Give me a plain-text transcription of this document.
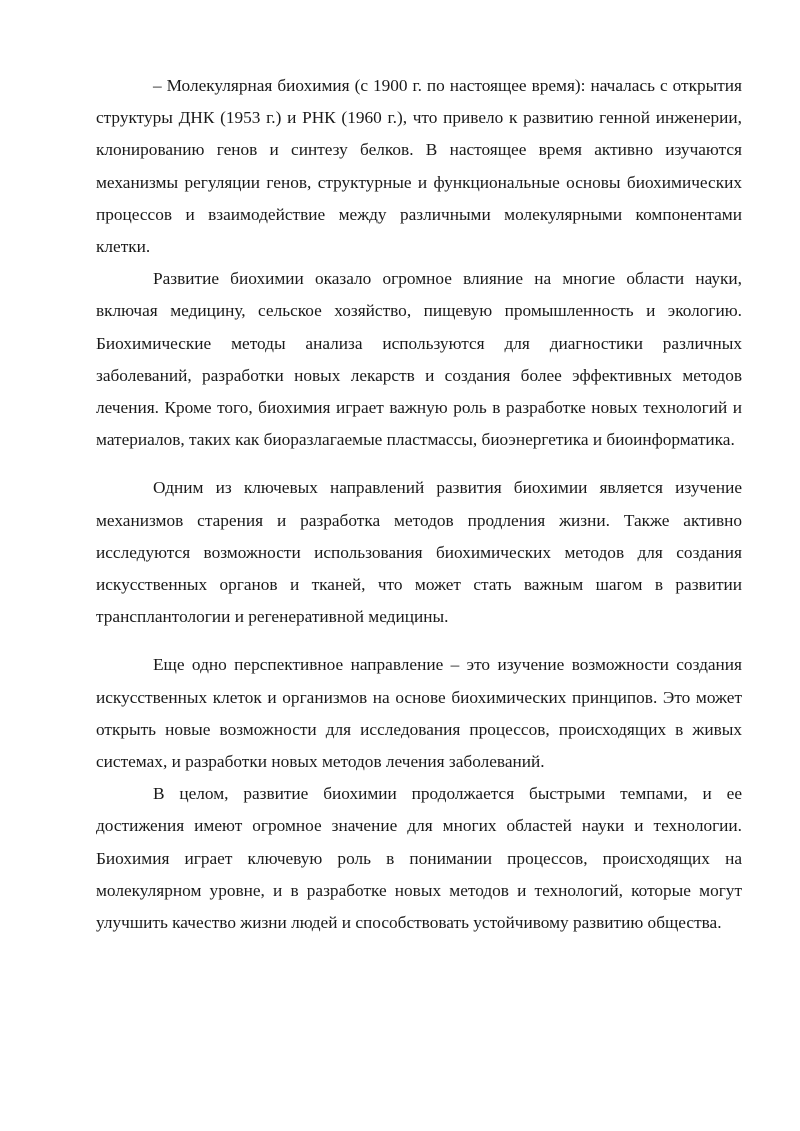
– Молекулярная биохимия (с 1900 г. по настоящее время): началась с открытия структуры ДНК (1953 г.) и РНК (1960 г.), что привело к развитию генной инженерии, клонированию генов и синтезу белков. В настоящее время активно изучаются механизмы регуляции генов, структурные и функциональные основы биохимических процессов и взаимодействие между различными молекулярными компонентами клетки.

Развитие биохимии оказало огромное влияние на многие области науки, включая медицину, сельское хозяйство, пищевую промышленность и экологию. Биохимические методы анализа используются для диагностики различных заболеваний, разработки новых лекарств и создания более эффективных методов лечения. Кроме того, биохимия играет важную роль в разработке новых технологий и материалов, таких как биоразлагаемые пластмассы, биоэнергетика и биоинформатика.

Одним из ключевых направлений развития биохимии является изучение механизмов старения и разработка методов продления жизни. Также активно исследуются возможности использования биохимических методов для создания искусственных органов и тканей, что может стать важным шагом в развитии трансплантологии и регенеративной медицины.

Еще одно перспективное направление – это изучение возможности создания искусственных клеток и организмов на основе биохимических принципов. Это может открыть новые возможности для исследования процессов, происходящих в живых системах, и разработки новых методов лечения заболеваний.

В целом, развитие биохимии продолжается быстрыми темпами, и ее достижения имеют огромное значение для многих областей науки и технологии. Биохимия играет ключевую роль в понимании процессов, происходящих на молекулярном уровне, и в разработке новых методов и технологий, которые могут улучшить качество жизни людей и способствовать устойчивому развитию общества.
